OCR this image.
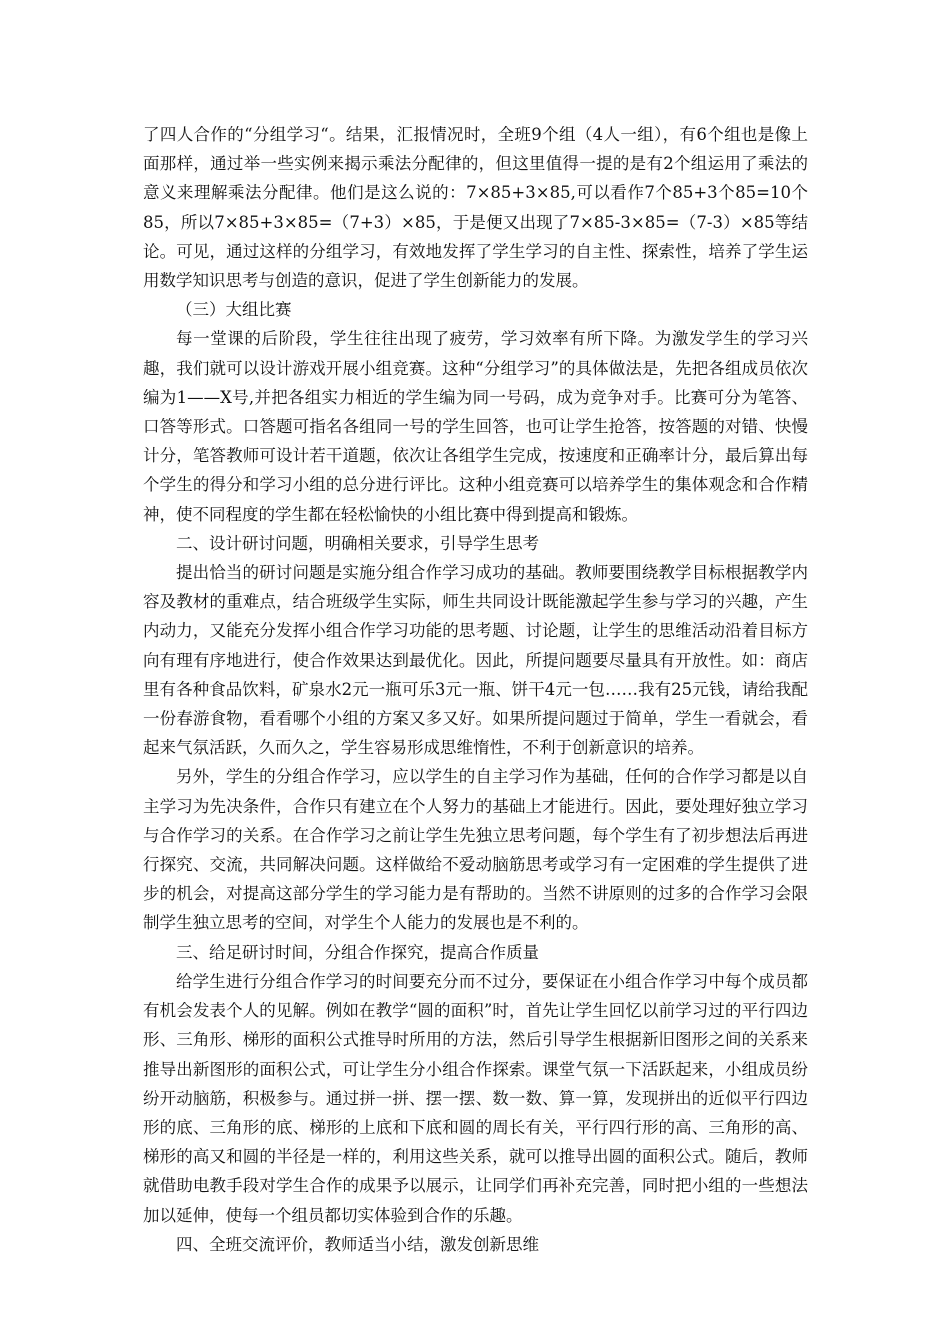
了四人合作的“分组学习“。结果，汇报情况时，全班9个组（4人一组），有6个组也是像上面那样，通过举一些实例来揭示乘法分配律的，但这里值得一提的是有2个组运用了乘法的意义来理解乘法分配律。他们是这么说的：7×85+3×85,可以看作7个85+3个85=10个85，所以7×85+3×85=（7+3）×85，于是便又出现了7×85-3×85=（7-3）×85等结论。可见，通过这样的分组学习，有效地发挥了学生学习的自主性、探索性，培养了学生运用数学知识思考与创造的意识，促进了学生创新能力的发展。

（三）大组比赛

每一堂课的后阶段，学生往往出现了疲劳，学习效率有所下降。为激发学生的学习兴趣，我们就可以设计游戏开展小组竞赛。这种“分组学习”的具体做法是，先把各组成员依次编为1——X号,并把各组实力相近的学生编为同一号码，成为竞争对手。比赛可分为笔答、口答等形式。口答题可指名各组同一号的学生回答，也可让学生抢答，按答题的对错、快慢计分，笔答教师可设计若干道题，依次让各组学生完成，按速度和正确率计分，最后算出每个学生的得分和学习小组的总分进行评比。这种小组竞赛可以培养学生的集体观念和合作精神，使不同程度的学生都在轻松愉快的小组比赛中得到提高和锻炼。

二、设计研讨问题，明确相关要求，引导学生思考

提出恰当的研讨问题是实施分组合作学习成功的基础。教师要围绕教学目标根据教学内容及教材的重难点，结合班级学生实际，师生共同设计既能激起学生参与学习的兴趣，产生内动力，又能充分发挥小组合作学习功能的思考题、讨论题，让学生的思维活动沿着目标方向有理有序地进行，使合作效果达到最优化。因此，所提问题要尽量具有开放性。如：商店里有各种食品饮料，矿泉水2元一瓶可乐3元一瓶、饼干4元一包……我有25元钱，请给我配一份春游食物，看看哪个小组的方案又多又好。如果所提问题过于简单，学生一看就会，看起来气氛活跃，久而久之，学生容易形成思维惰性，不利于创新意识的培养。

另外，学生的分组合作学习，应以学生的自主学习作为基础，任何的合作学习都是以自主学习为先决条件，合作只有建立在个人努力的基础上才能进行。因此，要处理好独立学习与合作学习的关系。在合作学习之前让学生先独立思考问题，每个学生有了初步想法后再进行探究、交流，共同解决问题。这样做给不爱动脑筋思考或学习有一定困难的学生提供了进步的机会，对提高这部分学生的学习能力是有帮助的。当然不讲原则的过多的合作学习会限制学生独立思考的空间，对学生个人能力的发展也是不利的。

三、给足研讨时间，分组合作探究，提高合作质量

给学生进行分组合作学习的时间要充分而不过分，要保证在小组合作学习中每个成员都有机会发表个人的见解。例如在教学“圆的面积”时，首先让学生回忆以前学习过的平行四边形、三角形、梯形的面积公式推导时所用的方法，然后引导学生根据新旧图形之间的关系来推导出新图形的面积公式，可让学生分小组合作探索。课堂气氛一下活跃起来，小组成员纷纷开动脑筋，积极参与。通过拼一拼、摆一摆、数一数、算一算，发现拼出的近似平行四边形的底、三角形的底、梯形的上底和下底和圆的周长有关，平行四行形的高、三角形的高、梯形的高又和圆的半径是一样的，利用这些关系，就可以推导出圆的面积公式。随后，教师就借助电教手段对学生合作的成果予以展示，让同学们再补充完善，同时把小组的一些想法加以延伸，使每一个组员都切实体验到合作的乐趣。

四、全班交流评价，教师适当小结，激发创新思维
